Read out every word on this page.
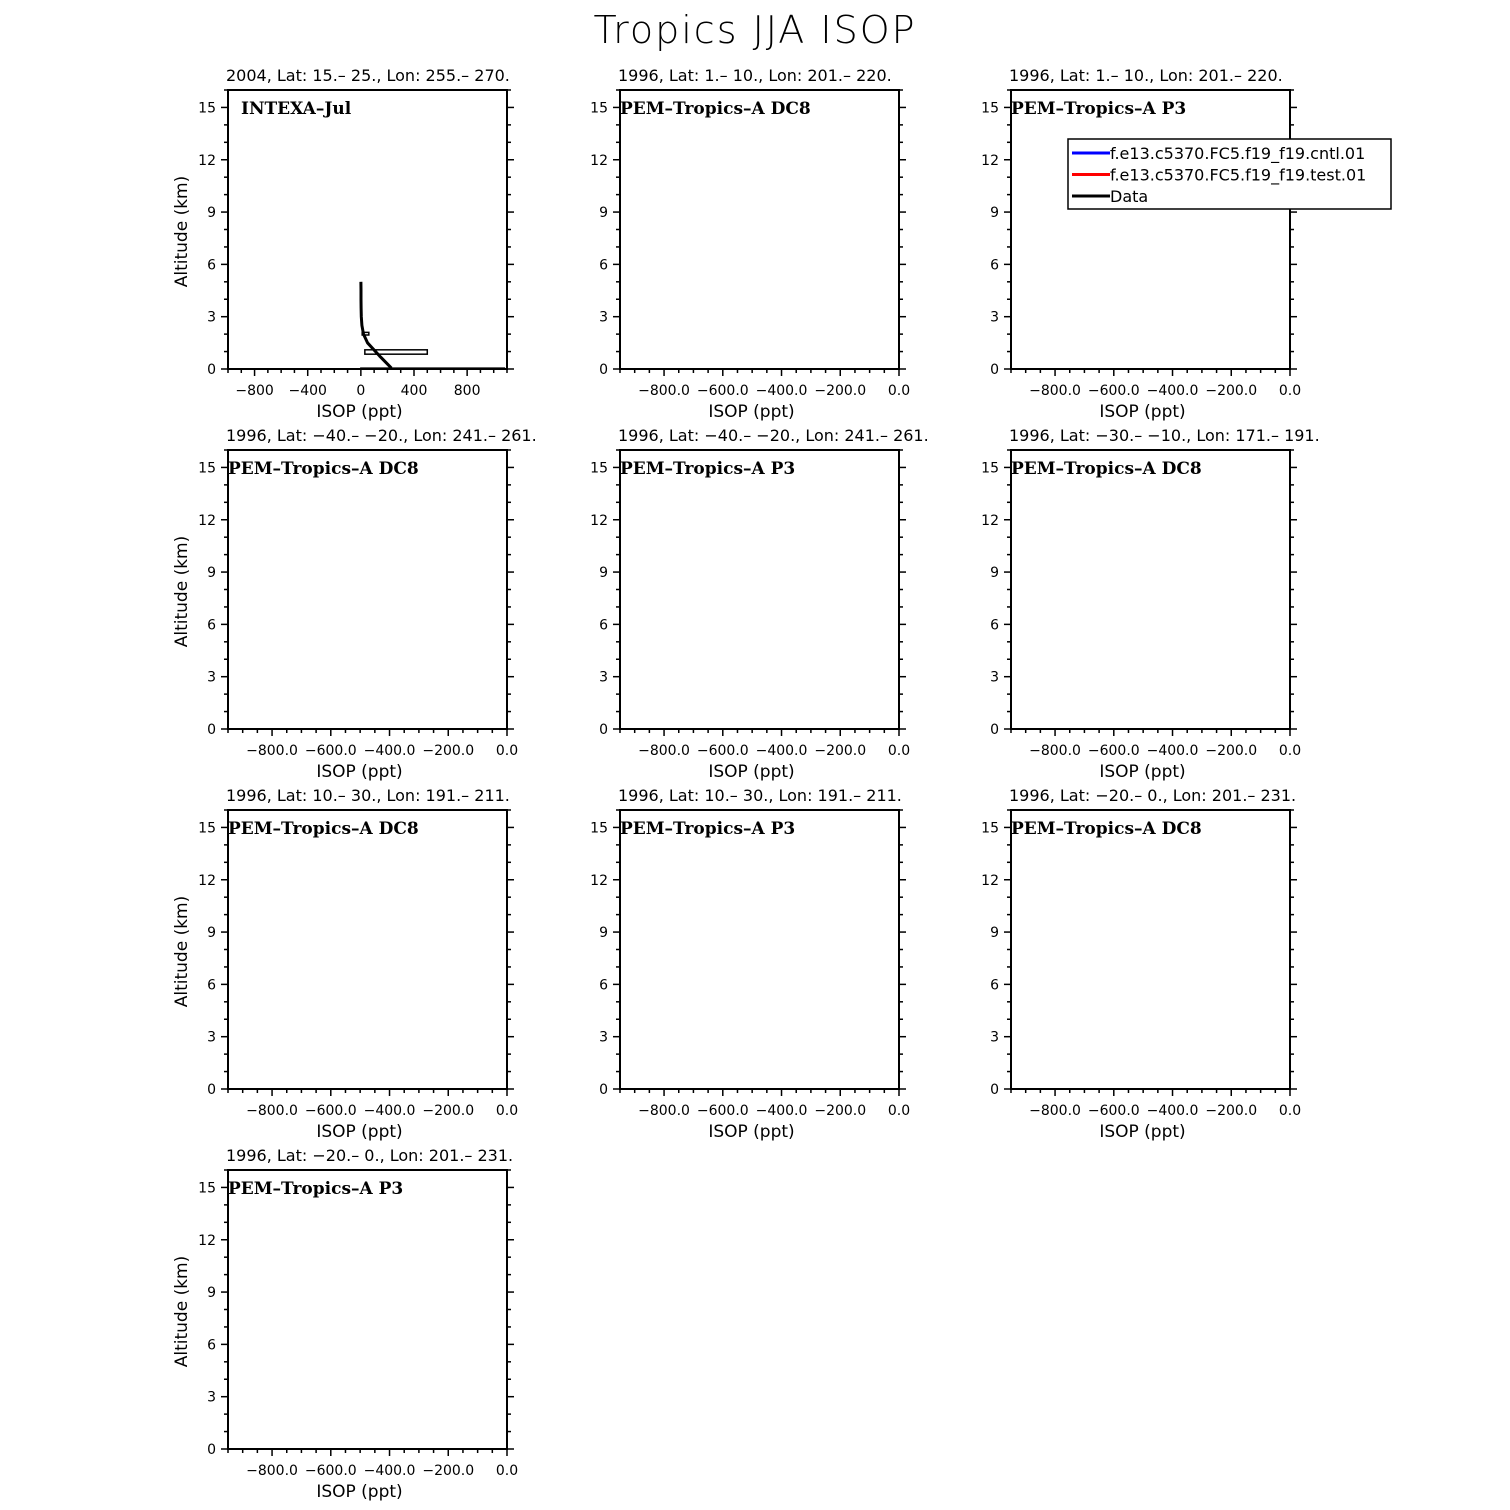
Tropics JJA ISOP
0
3
6
9
12
15
−800 −400 0	400 800
ISOP (ppt)
Altitude (km)
2004, Lat: 15.– 25., Lon: 255.– 270.
INTEXA–Jul
0
3
6
9
12
15
−800.0 −600.0 −400.0 −200.0 0.0
ISOP (ppt)
1996, Lat: 1.– 10., Lon: 201.– 220.
PEM–Tropics–A DC8
0
3
6
9
12
15
−800.0 −600.0 −400.0 −200.0 0.0
ISOP (ppt)
1996, Lat: 1.– 10., Lon: 201.– 220.
PEM–Tropics–A P3
f.e13.c5370.FC5.f19_f19.cntl.01
f.e13.c5370.FC5.f19_f19.test.01
Data
0
3
6
9
12
15
−800.0 −600.0 −400.0 −200.0 0.0
ISOP (ppt)
Altitude (km)
1996, Lat: −40.– −20., Lon: 241.– 261.
PEM–Tropics–A DC8
0
3
6
9
12
15
−800.0 −600.0 −400.0 −200.0 0.0
ISOP (ppt)
1996, Lat: −40.– −20., Lon: 241.– 261.
PEM–Tropics–A P3
0
3
6
9
12
15
−800.0 −600.0 −400.0 −200.0 0.0
ISOP (ppt)
1996, Lat: −30.– −10., Lon: 171.– 191.
PEM–Tropics–A DC8
0
3
6
9
12
15
−800.0 −600.0 −400.0 −200.0 0.0
ISOP (ppt)
Altitude (km)
1996, Lat: 10.– 30., Lon: 191.– 211.
PEM–Tropics–A DC8
0
3
6
9
12
15
−800.0 −600.0 −400.0 −200.0 0.0
ISOP (ppt)
1996, Lat: 10.– 30., Lon: 191.– 211.
PEM–Tropics–A P3
0
3
6
9
12
15
−800.0 −600.0 −400.0 −200.0 0.0
ISOP (ppt)
1996, Lat: −20.– 0., Lon: 201.– 231.
PEM–Tropics–A DC8
0
3
6
9
12
15
−800.0 −600.0 −400.0 −200.0 0.0
ISOP (ppt)
Altitude (km)
1996, Lat: −20.– 0., Lon: 201.– 231.
PEM–Tropics–A P3
